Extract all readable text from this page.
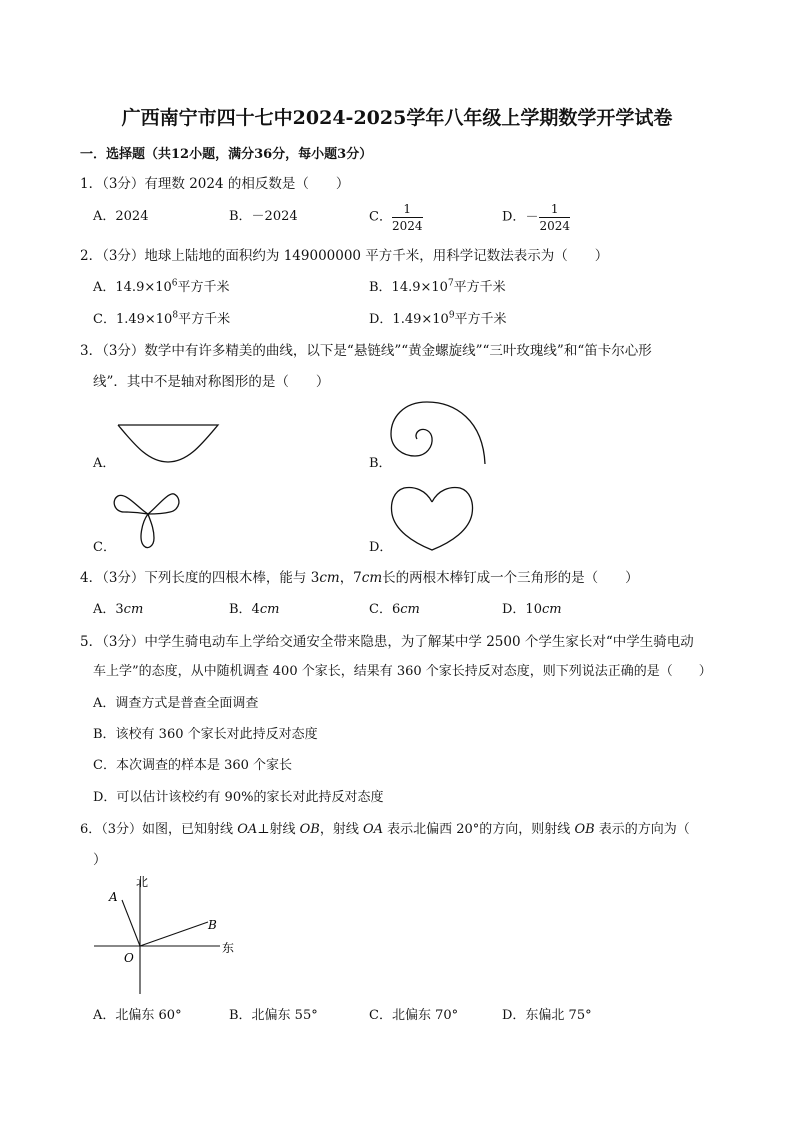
广西南宁市四十七中2024-2025学年八年级上学期数学开学试卷
一．选择题（共12小题，满分36分，每小题3分）
1．（3分）有理数 2024 的相反数是（　　）
A．2024	B．－2024	C． $\frac{1}{2024}$	D．－ $\frac{1}{2024}$
2．（3分）地球上陆地的面积约为 149000000 平方千米，用科学记数法表示为（　　）
A．$14.9\times 10^6$平方千米	B．$14.9\times 10^7$平方千米
C．$1.49\times 10^8$平方千米	D．$1.49\times 10^9$平方千米
3．（3分）数学中有许多精美的曲线，以下是“悬链线”“黄金螺旋线”“三叶玫瑰线”和“笛卡尔心形
线”．其中不是轴对称图形的是（　　）
A．	B．
C．	D．
4．（3分）下列长度的四根木棒，能与 3cm，7cm长的两根木棒钉成一个三角形的是（　　）
A．3cm	B．4cm	C．6cm	D．10cm
5．（3分）中学生骑电动车上学给交通安全带来隐患，为了解某中学 2500 个学生家长对“中学生骑电动
车上学”的态度，从中随机调查 400 个家长，结果有 360 个家长持反对态度，则下列说法正确的是（　　）
A．调查方式是普查全面调查
B．该校有 360 个家长对此持反对态度
C．本次调查的样本是 360 个家长
D．可以估计该校约有 90%的家长对此持反对态度
6．（3分）如图，已知射线 OA⊥射线 OB，射线 OA 表示北偏西 20°的方向，则射线 OB 表示的方向为（
）
北
东
A
B
O
A．北偏东 60°	B．北偏东 55°	C．北偏东 70°	D．东偏北 75°
